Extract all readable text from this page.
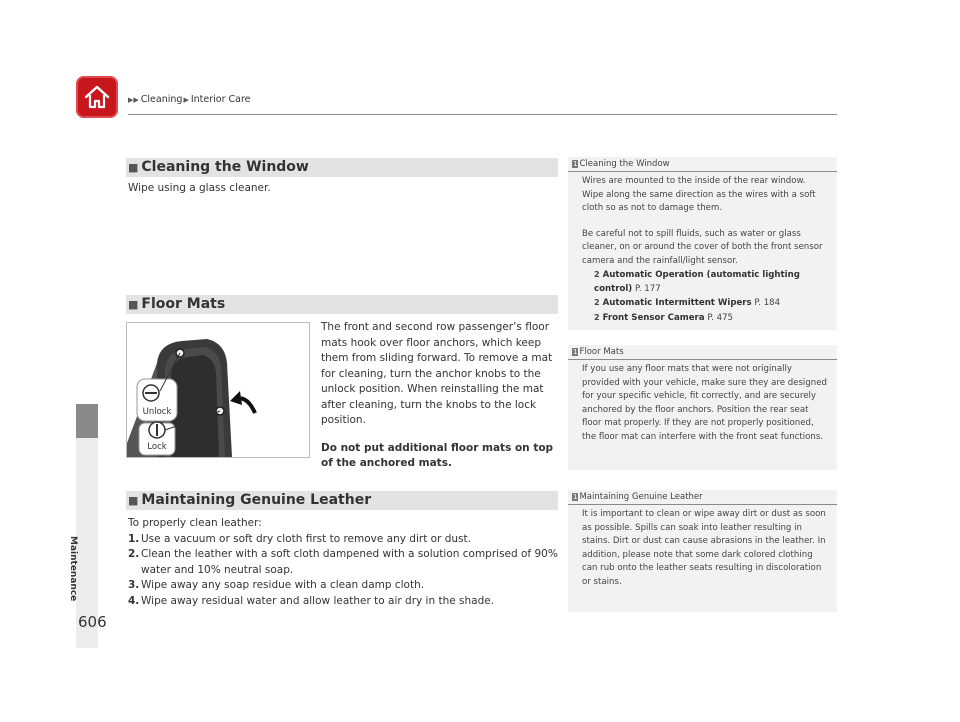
▶▶ Cleaning▶ Interior Care
Maintenance
606
■ Cleaning the Window
Wipe using a glass cleaner.
■ Floor Mats
Unlock
Lock
The front and second row passenger’s floor mats hook over floor anchors, which keep them from sliding forward. To remove a mat for cleaning, turn the anchor knobs to the unlock position. When reinstalling the mat after cleaning, turn the knobs to the lock position.
Do not put additional floor mats on top of the anchored mats.
■ Maintaining Genuine Leather
To properly clean leather:
1. Use a vacuum or soft dry cloth first to remove any dirt or dust.
2. Clean the leather with a soft cloth dampened with a solution comprised of 90% water and 10% neutral soap.
3. Wipe away any soap residue with a clean damp cloth.
4. Wipe away residual water and allow leather to air dry in the shade.
1 Cleaning the Window

Wires are mounted to the inside of the rear window. Wipe along the same direction as the wires with a soft cloth so as not to damage them.

Be careful not to spill fluids, such as water or glass cleaner, on or around the cover of both the front sensor camera and the rainfall/light sensor.

2 Automatic Operation (automatic lighting control) P. 177
2 Automatic Intermittent Wipers P. 184
2 Front Sensor Camera P. 475
1 Floor Mats

If you use any floor mats that were not originally provided with your vehicle, make sure they are designed for your specific vehicle, fit correctly, and are securely anchored by the floor anchors. Position the rear seat floor mat properly. If they are not properly positioned, the floor mat can interfere with the front seat functions.

1 Maintaining Genuine Leather

It is important to clean or wipe away dirt or dust as soon as possible. Spills can soak into leather resulting in stains. Dirt or dust can cause abrasions in the leather. In addition, please note that some dark colored clothing can rub onto the leather seats resulting in discoloration or stains.
